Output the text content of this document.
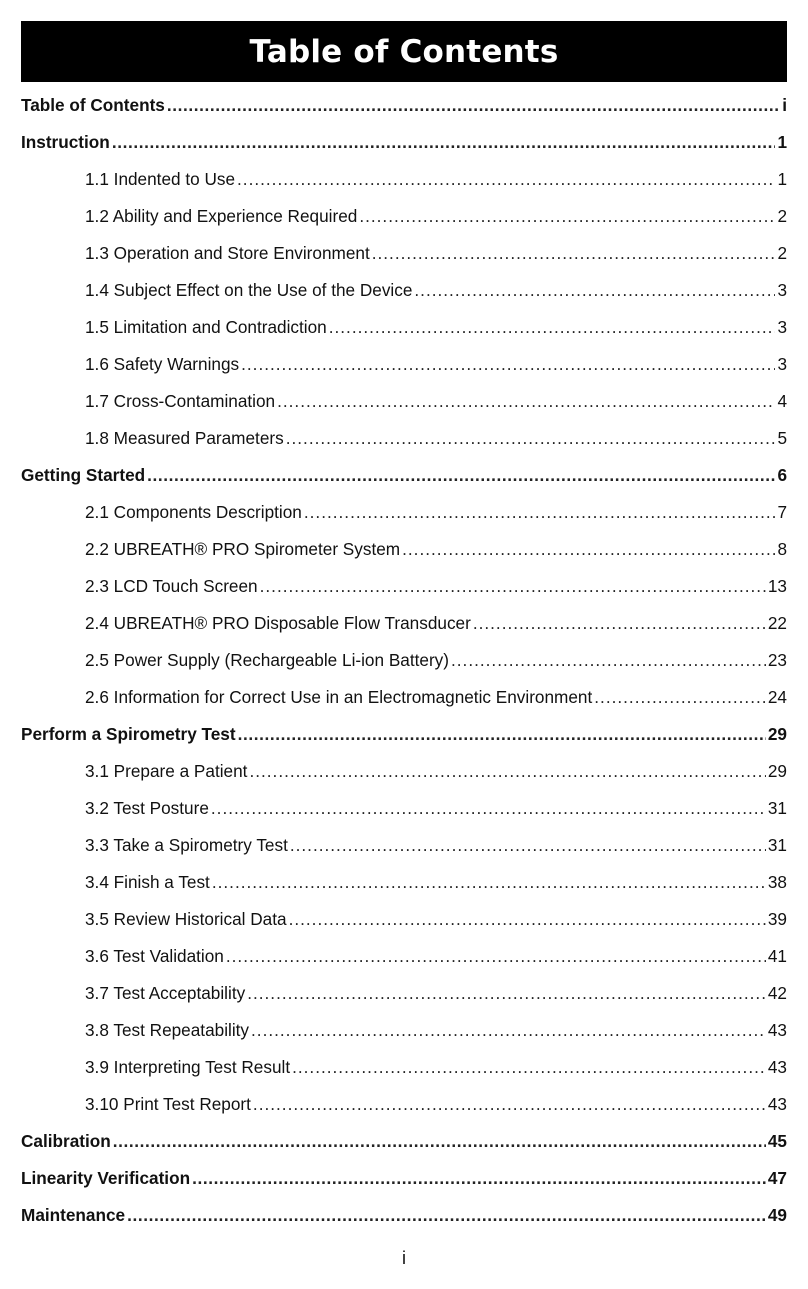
Table of Contents
Table of Contents .....	i
Instruction .....	1
1.1 Indented to Use .....	1
1.2 Ability and Experience Required .....	2
1.3 Operation and Store Environment .....	2
1.4 Subject Effect on the Use of the Device .....	3
1.5 Limitation and Contradiction .....	3
1.6 Safety Warnings .....	3
1.7 Cross-Contamination .....	4
1.8 Measured Parameters .....	5
Getting Started .....	6
2.1 Components Description .....	7
2.2 UBREATH® PRO Spirometer System .....	8
2.3 LCD Touch Screen .....	13
2.4 UBREATH® PRO Disposable Flow Transducer .....	22
2.5 Power Supply (Rechargeable Li-ion Battery) .....	23
2.6 Information for Correct Use in an Electromagnetic Environment .....	24
Perform a Spirometry Test .....	29
3.1 Prepare a Patient .....	29
3.2 Test Posture .....	31
3.3 Take a Spirometry Test .....	31
3.4 Finish a Test .....	38
3.5 Review Historical Data .....	39
3.6 Test Validation .....	41
3.7 Test Acceptability .....	42
3.8 Test Repeatability .....	43
3.9 Interpreting Test Result .....	43
3.10 Print Test Report .....	43
Calibration .....	45
Linearity Verification .....	47
Maintenance .....	49
i
